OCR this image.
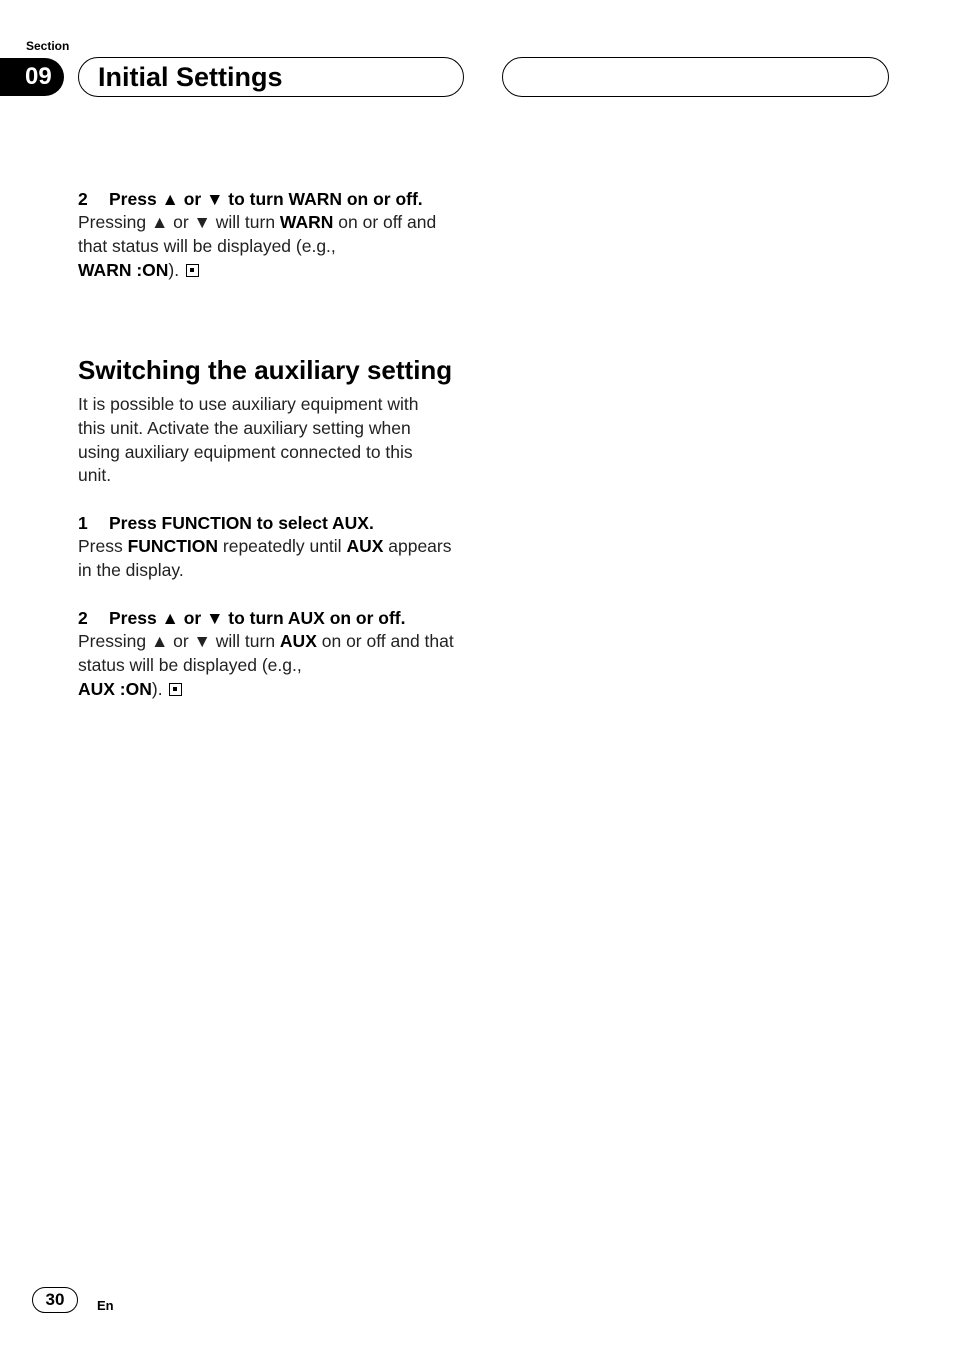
Section
09	Initial Settings

2 Press ▲ or ▼ to turn WARN on or off.

Pressing ▲ or ▼ will turn WARN on or off and that status will be displayed (e.g.,
WARN :ON).

Switching the auxiliary setting

It is possible to use auxiliary equipment with this unit. Activate the auxiliary setting when using auxiliary equipment connected to this unit.

1 Press FUNCTION to select AUX.

Press FUNCTION repeatedly until AUX appears in the display.

2 Press ▲ or ▼ to turn AUX on or off.

Pressing ▲ or ▼ will turn AUX on or off and that status will be displayed (e.g.,
AUX :ON).

30	En
